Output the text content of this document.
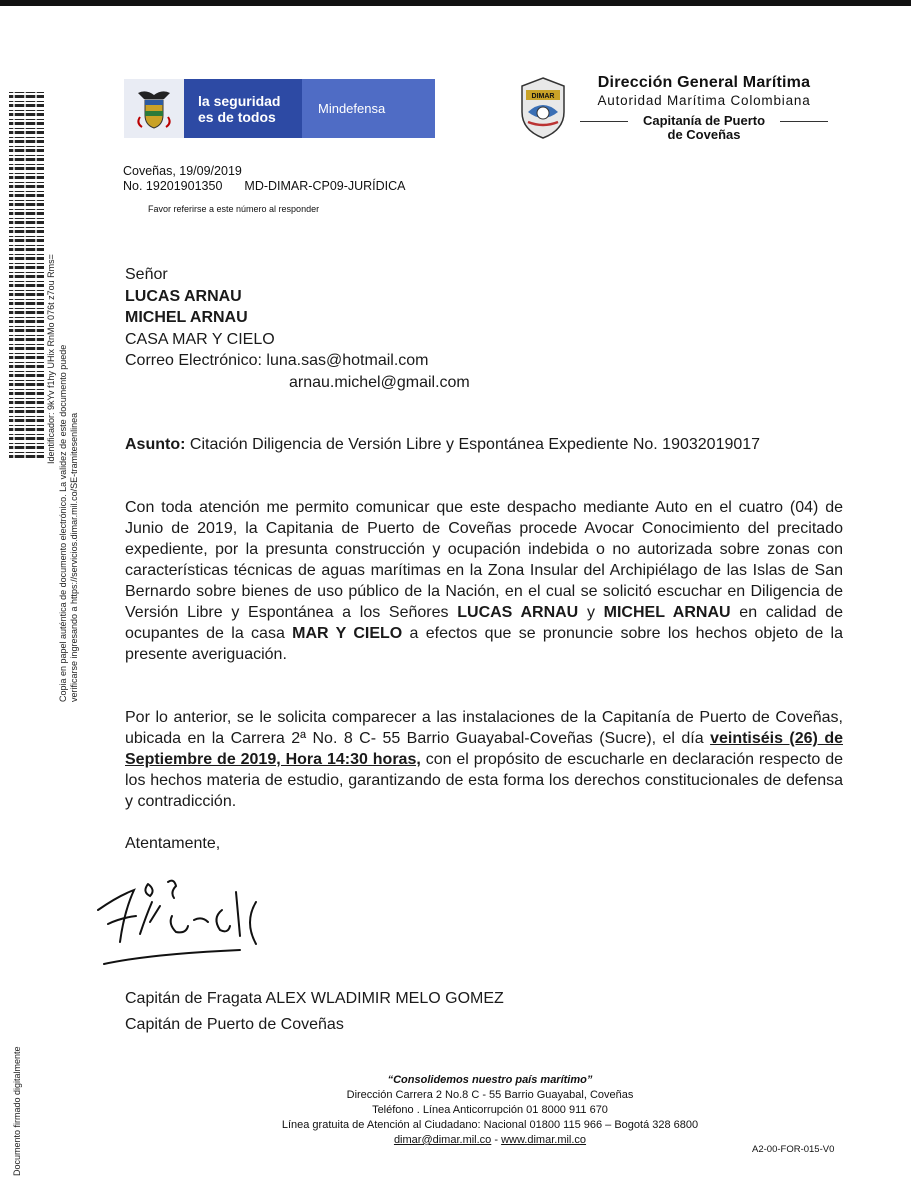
Identificador: 9kYv f1hy UHix RnMo 076t z7ou Rms= Copia en papel auténtica de documento electrónico. La validez de este documento puede verificarse ingresando a https://servicios.dimar.mil.co/SE-tramitesenlinea
Documento firmado digitalmente
la seguridad
es de todos	Mindefensa
DIMAR
Dirección General Marítima
Autoridad Marítima Colombiana
Capitanía de Puerto
de Coveñas
Coveñas, 19/09/2019
No. 19201901350 MD-DIMAR-CP09-JURÍDICA
Favor referirse a este número al responder
Señor
LUCAS ARNAU
MICHEL ARNAU
CASA MAR Y CIELO
Correo Electrónico: luna.sas@hotmail.com
arnau.michel@gmail.com
Asunto: Citación Diligencia de Versión Libre y Espontánea Expediente No. 19032019017
Con toda atención me permito comunicar que este despacho mediante Auto en el cuatro (04) de Junio de 2019, la Capitania de Puerto de Coveñas procede Avocar Conocimiento del precitado expediente, por la presunta construcción y ocupación indebida o no autorizada sobre zonas con características técnicas de aguas marítimas en la Zona Insular del Archipiélago de las Islas de San Bernardo sobre bienes de uso público de la Nación, en el cual se solicitó escuchar en Diligencia de Versión Libre y Espontánea a los Señores LUCAS ARNAU y MICHEL ARNAU en calidad de ocupantes de la casa MAR Y CIELO a efectos que se pronuncie sobre los hechos objeto de la presente averiguación.
Por lo anterior, se le solicita comparecer a las instalaciones de la Capitanía de Puerto de Coveñas, ubicada en la Carrera 2ª No. 8 C- 55 Barrio Guayabal-Coveñas (Sucre), el día veintiséis (26) de Septiembre de 2019, Hora 14:30 horas, con el propósito de escucharle en declaración respecto de los hechos materia de estudio, garantizando de esta forma los derechos constitucionales de defensa y contradicción.
Atentamente,
Capitán de Fragata ALEX WLADIMIR MELO GOMEZ
Capitán de Puerto de Coveñas
“Consolidemos nuestro país marítimo”
Dirección Carrera 2 No.8 C - 55 Barrio Guayabal, Coveñas
Teléfono . Línea Anticorrupción 01 8000 911 670
Línea gratuita de Atención al Ciudadano: Nacional 01800 115 966 – Bogotá 328 6800
dimar@dimar.mil.co - www.dimar.mil.co
A2-00-FOR-015-V0
